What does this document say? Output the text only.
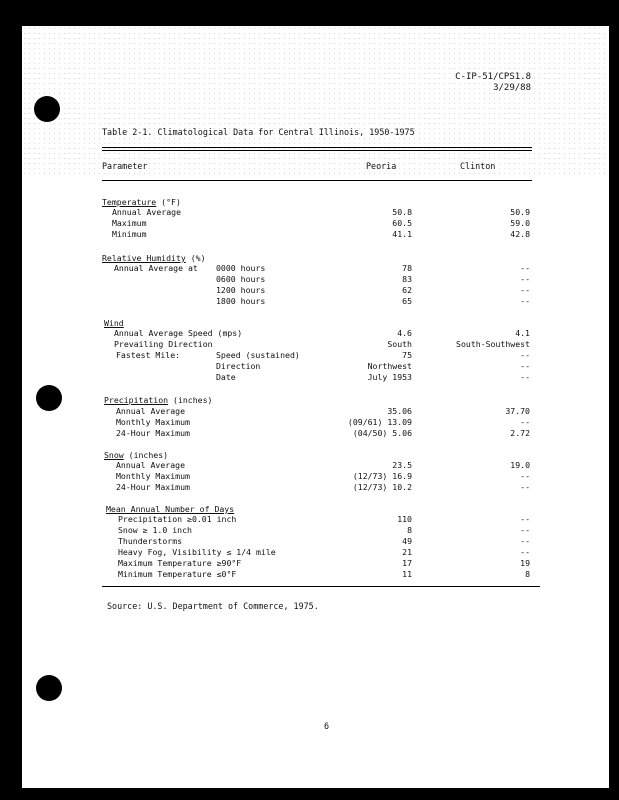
C-IP-51/CPS1.8
3/29/88
Table 2-1. Climatological Data for Central Illinois, 1950-1975
Parameter	Peoria	Clinton
Temperature (°F)
Annual Average	50.8	50.9
Maximum	60.5	59.0
Minimum	41.1	42.8
Relative Humidity (%)
Annual Average at 0000 hours	78	--
0600 hours	83	--
1200 hours	62	--
1800 hours	65	--
Wind
Annual Average Speed (mps)	4.6	4.1
Prevailing Direction	South	South-Southwest
Fastest Mile:	Speed (sustained)	75	--
Direction	Northwest	--
Date	July 1953	--
Precipitation (inches)
Annual Average	35.06	37.70
Monthly Maximum	(09/61) 13.09	--
24-Hour Maximum	(04/50) 5.06	2.72
Snow (inches)
Annual Average	23.5	19.0
Monthly Maximum	(12/73) 16.9	--
24-Hour Maximum	(12/73) 10.2	--
Mean Annual Number of Days
Precipitation ≥0.01 inch	110	--
Snow ≥ 1.0 inch	8	--
Thunderstorms	49	--
Heavy Fog, Visibility ≤ 1/4 mile	21	--
Maximum Temperature ≥90°F	17	19
Minimum Temperature ≤0°F	11	8
Source: U.S. Department of Commerce, 1975.
6
